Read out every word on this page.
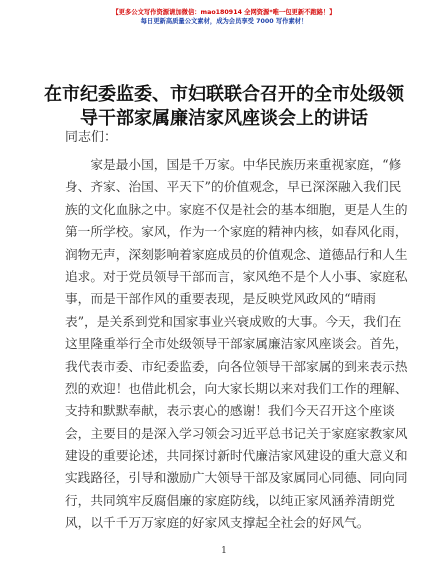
【更多公文写作资源请加微信：mao180914 全网资源*唯一包更新不跑路！】
每日更新高质量公文素材，成为会员享受 7000 写作素材！
在市纪委监委、市妇联联合召开的全市处级领
导干部家属廉洁家风座谈会上的讲话
同志们：
　　家是最小国，国是千万家。中华民族历来重视家庭，“修
身、齐家、治国、平天下”的价值观念，早已深深融入我们民
族的文化血脉之中。家庭不仅是社会的基本细胞，更是人生的
第一所学校。家风，作为一个家庭的精神内核，如春风化雨，
润物无声，深刻影响着家庭成员的价值观念、道德品行和人生
追求。对于党员领导干部而言，家风绝不是个人小事、家庭私
事，而是干部作风的重要表现，是反映党风政风的“晴雨
表”，是关系到党和国家事业兴衰成败的大事。今天，我们在
这里隆重举行全市处级领导干部家属廉洁家风座谈会。首先，
我代表市委、市纪委监委，向各位领导干部家属的到来表示热
烈的欢迎！也借此机会，向大家长期以来对我们工作的理解、
支持和默默奉献，表示衷心的感谢！我们今天召开这个座谈
会，主要目的是深入学习领会习近平总书记关于家庭家教家风
建设的重要论述，共同探讨新时代廉洁家风建设的重大意义和
实践路径，引导和激励广大领导干部及家属同心同德、同向同
行，共同筑牢反腐倡廉的家庭防线，以纯正家风涵养清朗党
风，以千千万万家庭的好家风支撑起全社会的好风气。
1
